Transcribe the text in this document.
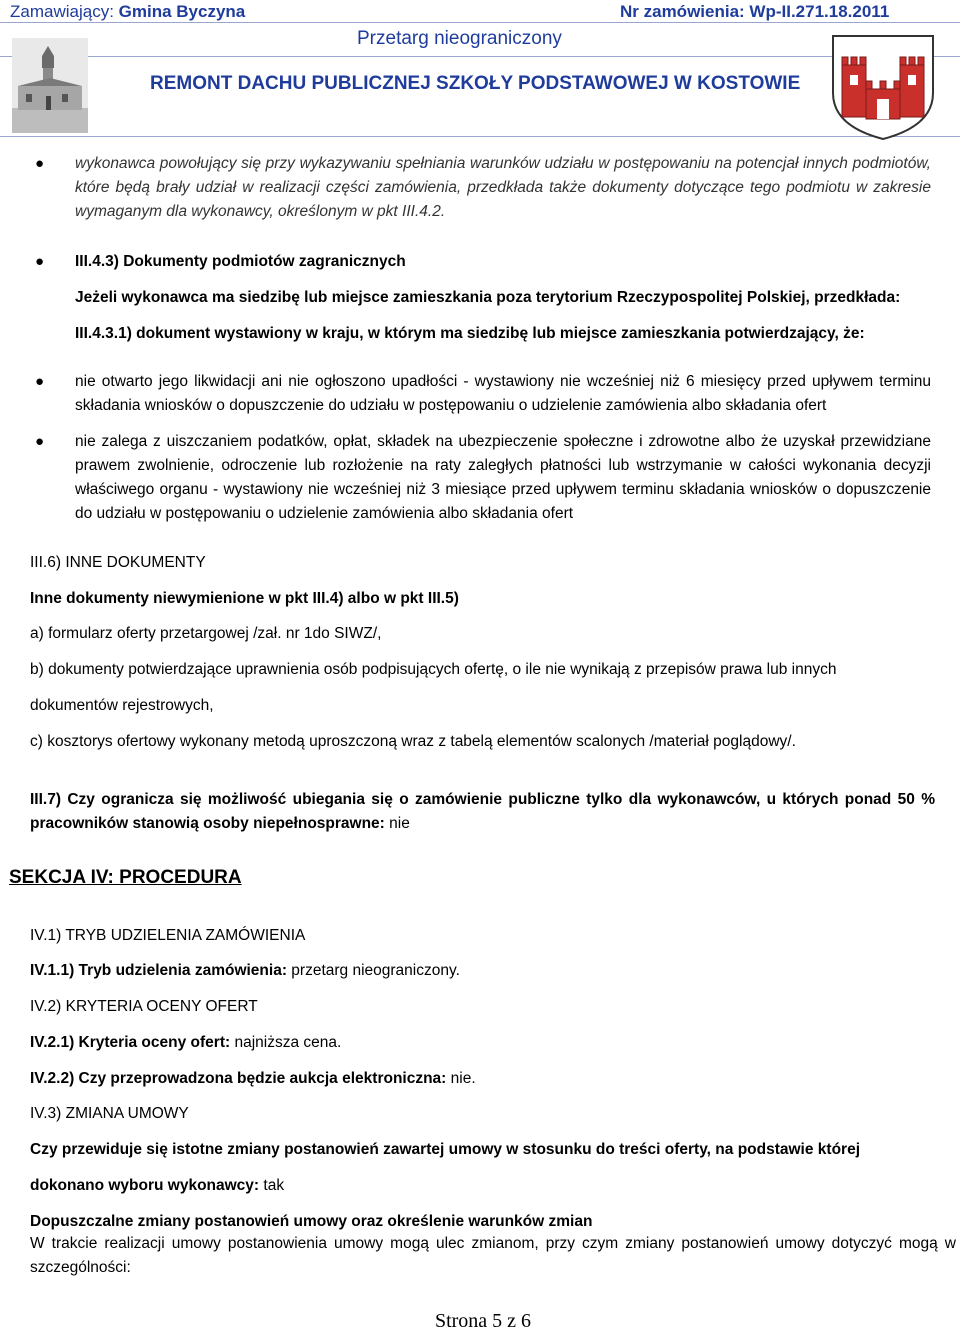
Zamawiający: Gmina Byczyna	Nr zamówienia: Wp-II.271.18.2011
Przetarg nieograniczony
REMONT DACHU PUBLICZNEJ SZKOŁY PODSTAWOWEJ W KOSTOWIE
● wykonawca powołujący się przy wykazywaniu spełniania warunków udziału w postępowaniu na potencjał innych podmiotów, które będą brały udział w realizacji części zamówienia, przedkłada także dokumenty dotyczące tego podmiotu w zakresie wymaganym dla wykonawcy, określonym w pkt III.4.2.
● III.4.3) Dokumenty podmiotów zagranicznych
Jeżeli wykonawca ma siedzibę lub miejsce zamieszkania poza terytorium Rzeczypospolitej Polskiej, przedkłada:
III.4.3.1) dokument wystawiony w kraju, w którym ma siedzibę lub miejsce zamieszkania potwierdzający, że:
● nie otwarto jego likwidacji ani nie ogłoszono upadłości - wystawiony nie wcześniej niż 6 miesięcy przed upływem terminu składania wniosków o dopuszczenie do udziału w postępowaniu o udzielenie zamówienia albo składania ofert
● nie zalega z uiszczaniem podatków, opłat, składek na ubezpieczenie społeczne i zdrowotne albo że uzyskał przewidziane prawem zwolnienie, odroczenie lub rozłożenie na raty zaległych płatności lub wstrzymanie w całości wykonania decyzji właściwego organu - wystawiony nie wcześniej niż 3 miesiące przed upływem terminu składania wniosków o dopuszczenie do udziału w postępowaniu o udzielenie zamówienia albo składania ofert
III.6) INNE DOKUMENTY
Inne dokumenty niewymienione w pkt III.4) albo w pkt III.5)
a) formularz oferty przetargowej /zał. nr 1do SIWZ/,
b) dokumenty potwierdzające uprawnienia osób podpisujących ofertę, o ile nie wynikają z przepisów prawa lub innych
dokumentów rejestrowych,
c) kosztorys ofertowy wykonany metodą uproszczoną wraz z tabelą elementów scalonych /materiał poglądowy/.
III.7) Czy ogranicza się możliwość ubiegania się o zamówienie publiczne tylko dla wykonawców, u których ponad 50 % pracowników stanowią osoby niepełnosprawne: nie
SEKCJA IV: PROCEDURA
IV.1) TRYB UDZIELENIA ZAMÓWIENIA
IV.1.1) Tryb udzielenia zamówienia: przetarg nieograniczony.
IV.2) KRYTERIA OCENY OFERT
IV.2.1) Kryteria oceny ofert: najniższa cena.
IV.2.2) Czy przeprowadzona będzie aukcja elektroniczna: nie.
IV.3) ZMIANA UMOWY
Czy przewiduje się istotne zmiany postanowień zawartej umowy w stosunku do treści oferty, na podstawie której
dokonano wyboru wykonawcy: tak
Dopuszczalne zmiany postanowień umowy oraz określenie warunków zmian
W trakcie realizacji umowy postanowienia umowy mogą ulec zmianom, przy czym zmiany postanowień umowy dotyczyć mogą w szczególności:
Strona 5 z 6
